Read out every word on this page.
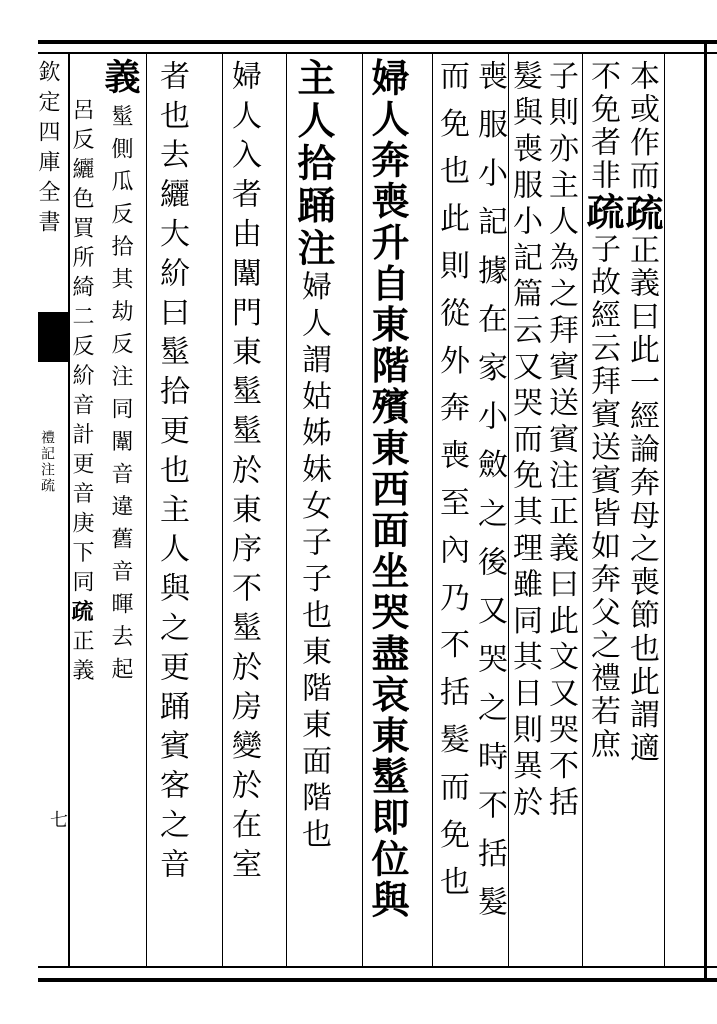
欽定四庫全書
禮記注疏
七
本或作而疏正義曰此一經論奔母之喪節也此謂適
不免者非疏子故經云拜賓送賓皆如奔父之禮若庶
子則亦主人為之拜賓送賓注正義曰此文又哭不括
髮與喪服小記篇云又哭而免其理雖同其日則異於
喪服小記據在家小斂之後又哭之時不括髮
而免也此則從外奔喪至內乃不括髮而免也
婦人奔喪升自東階殯東西面坐哭盡哀東髽即位與
主人拾踊注婦人謂姑姊妹女子子也東階東面階也
婦人入者由闈門東髽髽於東序不髽於房變於在室
者也去纚大紒曰髽拾更也主人與之更踊賓客之音
義髽側瓜反拾其劫反注同闈音違舊音暉去起
呂反纚色買所綺二反紒音計更音庚下同疏正義
